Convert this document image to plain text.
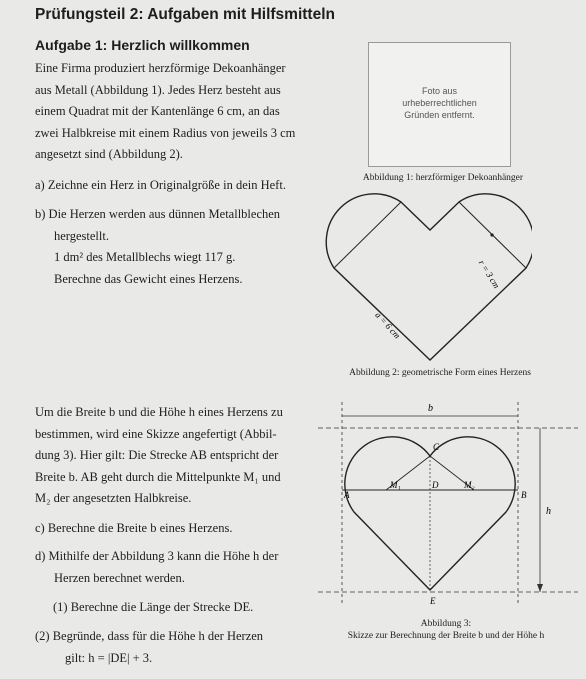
Prüfungsteil 2: Aufgaben mit Hilfsmitteln
Aufgabe 1: Herzlich willkommen
Eine Firma produziert herzförmige Dekoanhänger
aus Metall (Abbildung 1). Jedes Herz besteht aus
einem Quadrat mit der Kantenlänge 6 cm, an das
zwei Halbkreise mit einem Radius von jeweils 3 cm
angesetzt sind (Abbildung 2).
a) Zeichne ein Herz in Originalgröße in dein Heft.
b) Die Herzen werden aus dünnen Metallblechen
hergestellt.
1 dm² des Metallblechs wiegt 117 g.
Berechne das Gewicht eines Herzens.
Foto aus
urheberrechtlichen
Gründen entfernt.
Abbildung 1: herzförmiger Dekoanhänger
r = 3 cm
a = 6 cm
Abbildung 2: geometrische Form eines Herzens
Um die Breite b und die Höhe h eines Herzens zu
bestimmen, wird eine Skizze angefertigt (Abbil-
dung 3). Hier gilt: Die Strecke AB entspricht der
Breite b. AB geht durch die Mittelpunkte M₁ und
M₂ der angesetzten Halbkreise.
c) Berechne die Breite b eines Herzens.
d) Mithilfe der Abbildung 3 kann die Höhe h der
Herzen berechnet werden.
(1) Berechne die Länge der Strecke DE.
(2) Begründe, dass für die Höhe h der Herzen
gilt: h = |DE| + 3.
b
h
A	B
C
D
E
M₁	M₂
Abbildung 3:
Skizze zur Berechnung der Breite b und der Höhe h
